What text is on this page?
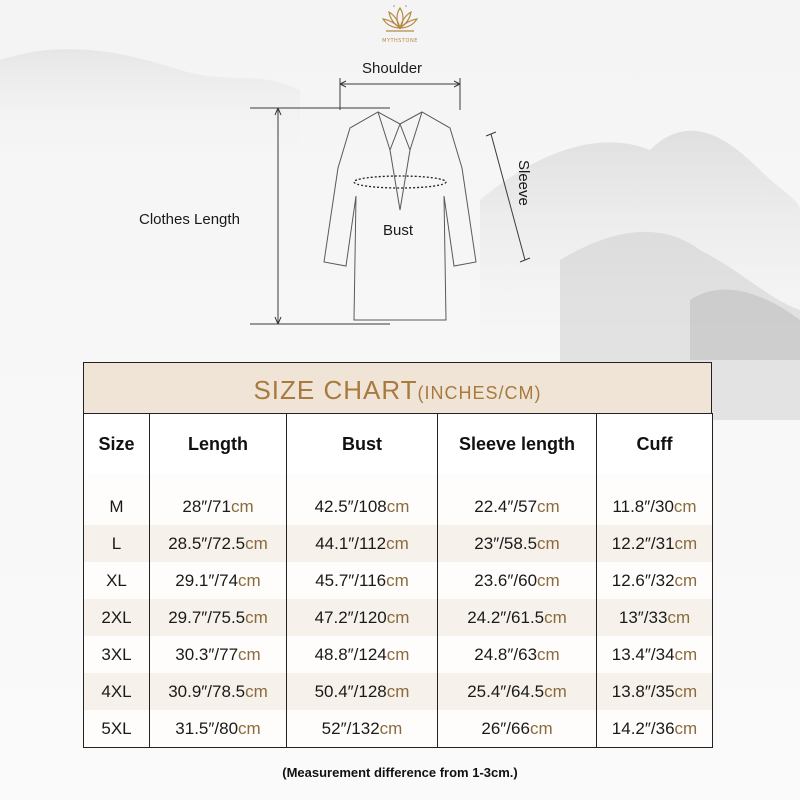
MYTHSTONE
Shoulder
Clothes Length
Bust
Sleeve
SIZE CHART(INCHES/CM)
Size	Length	Bust	Sleeve length	Cuff

M	28″/71cm	42.5″/108cm	22.4″/57cm	11.8″/30cm
L	28.5″/72.5cm	44.1″/112cm	23″/58.5cm	12.2″/31cm
XL	29.1″/74cm	45.7″/116cm	23.6″/60cm	12.6″/32cm
2XL	29.7″/75.5cm	47.2″/120cm	24.2″/61.5cm	13″/33cm
3XL	30.3″/77cm	48.8″/124cm	24.8″/63cm	13.4″/34cm
4XL	30.9″/78.5cm	50.4″/128cm	25.4″/64.5cm	13.8″/35cm
5XL	31.5″/80cm	52″/132cm	26″/66cm	14.2″/36cm
(Measurement difference from 1-3cm.)
